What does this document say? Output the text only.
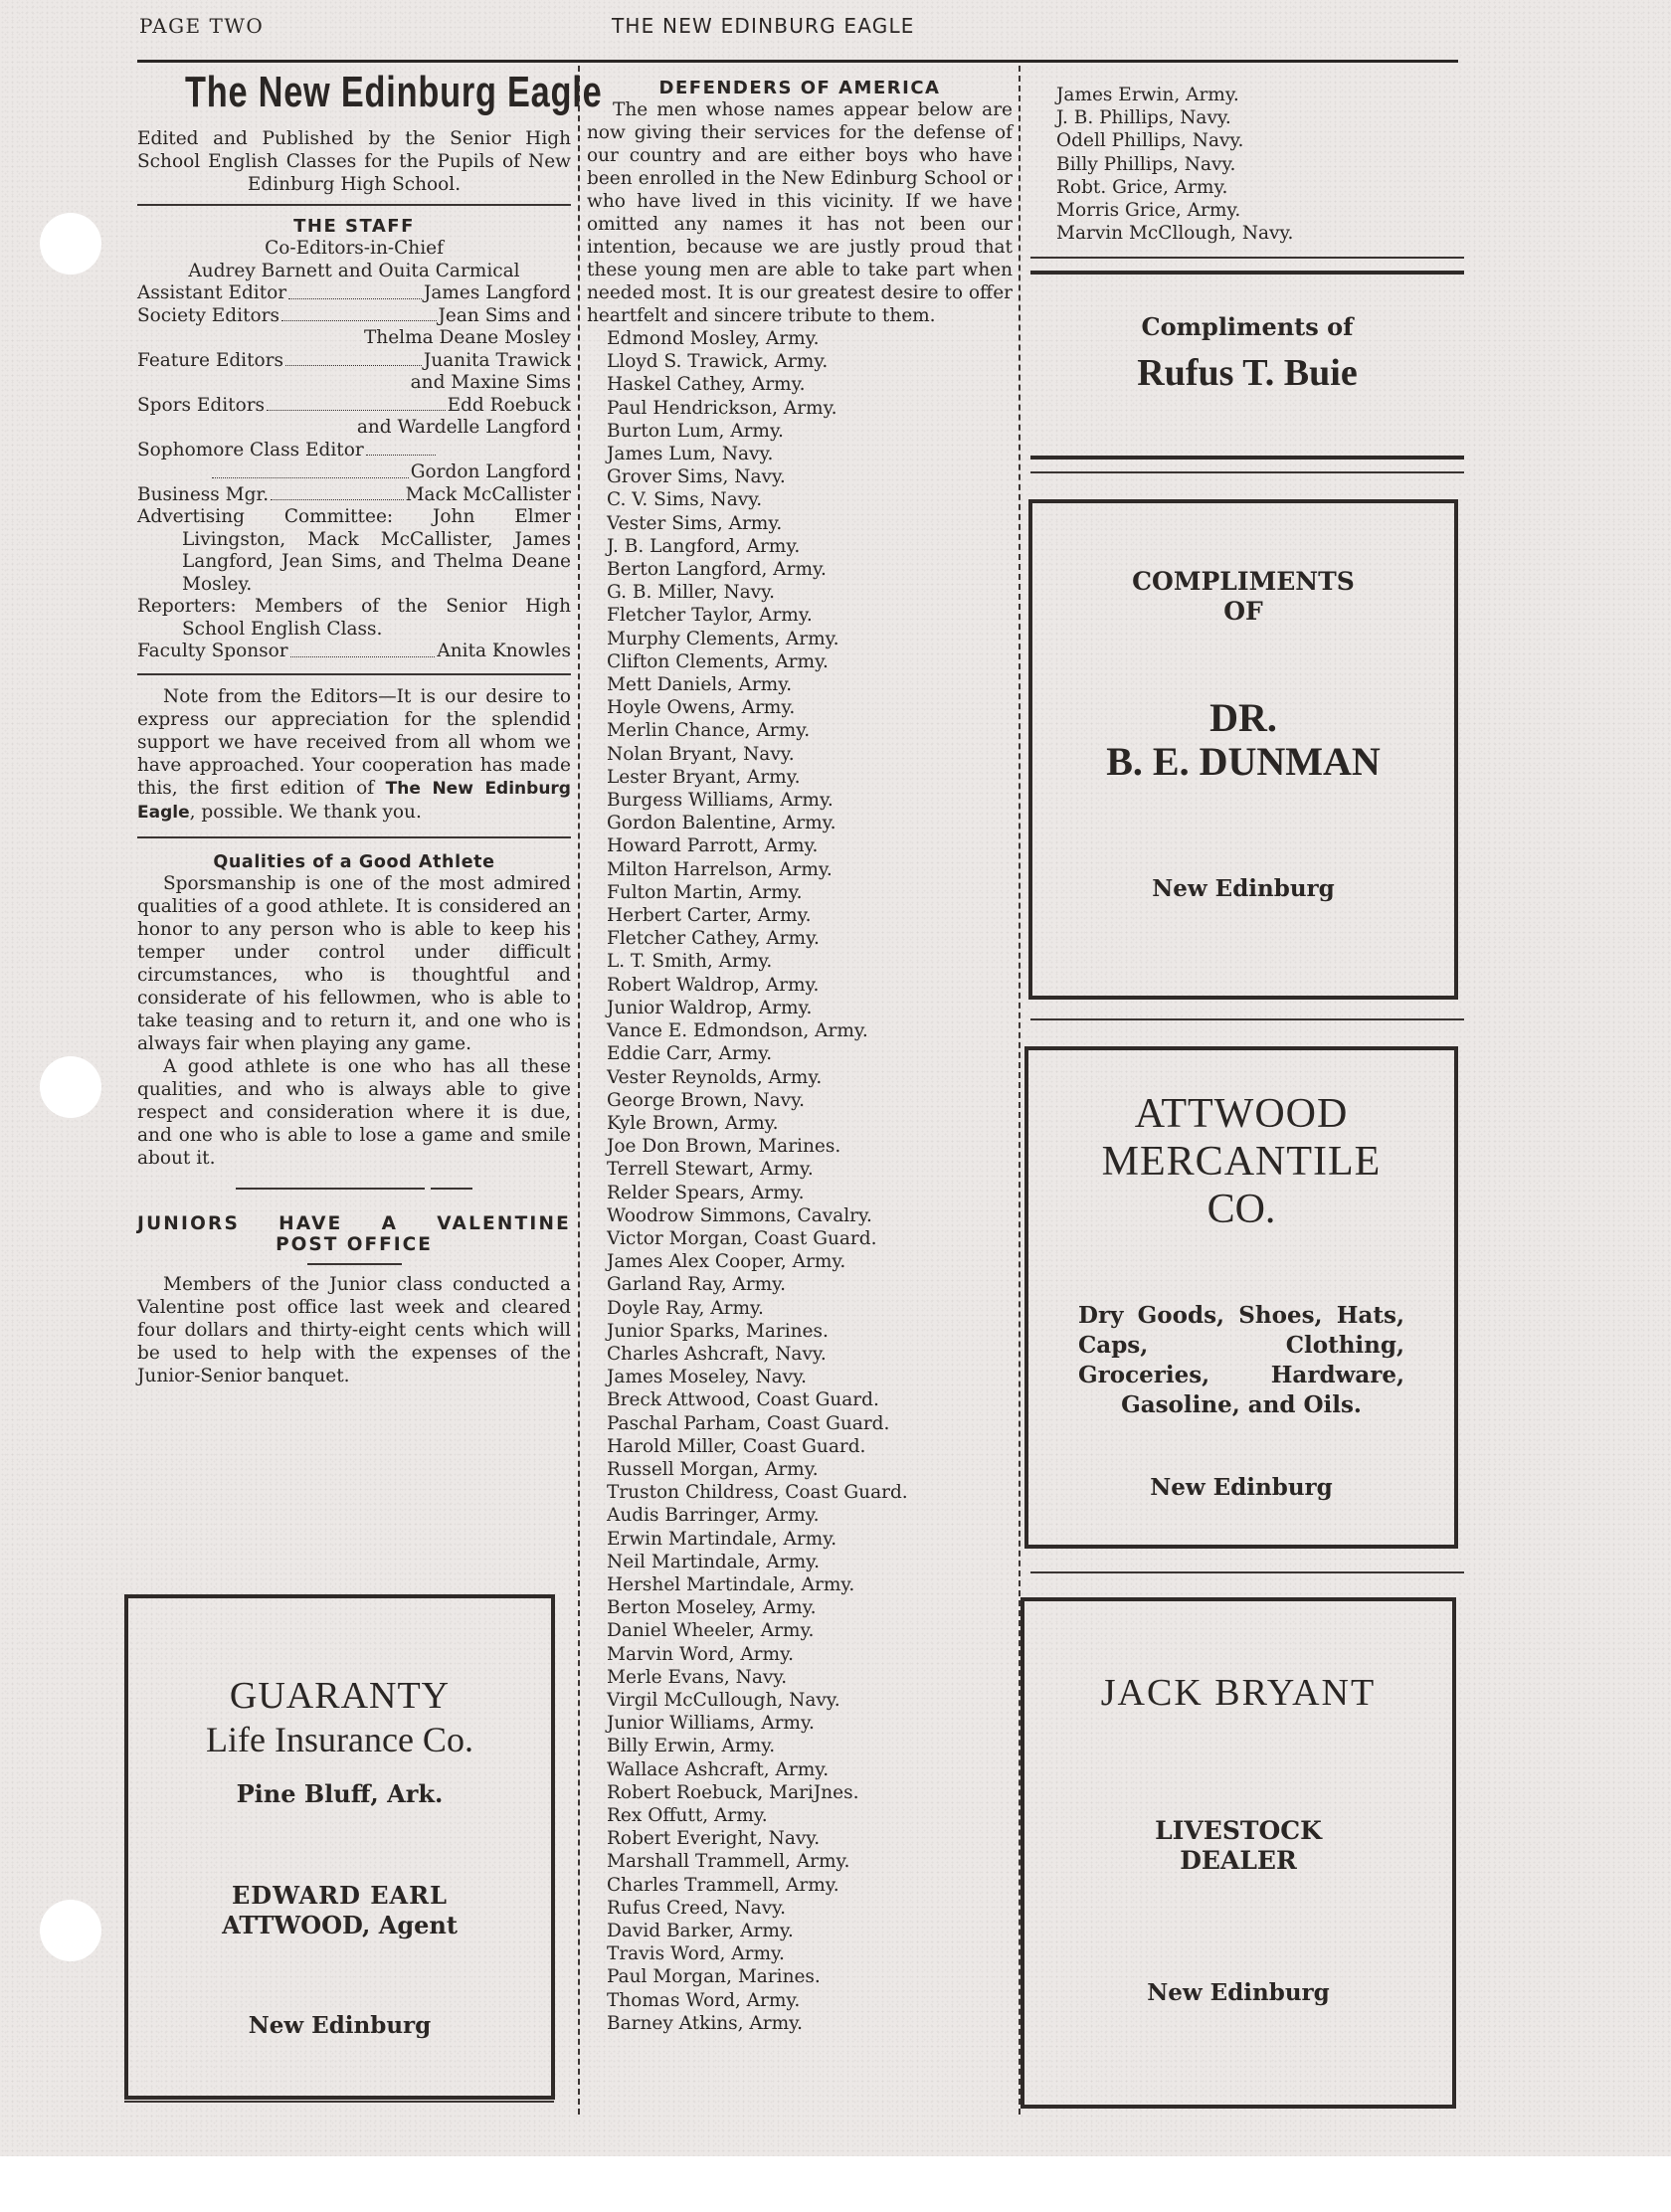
PAGE TWO	THE NEW EDINBURG EAGLE
The New Edinburg Eagle

Edited and Published by the Senior High School English Classes for the Pupils of New Edinburg High School.

THE STAFF
Co-Editors-in-Chief
Audrey Barnett and Ouita Carmical
Assistant Editor	James Langford
Society Editors	Jean Sims and
Thelma Deane Mosley
Feature Editors	Juanita Trawick
and Maxine Sims
Spors Editors	Edd Roebuck
and Wardelle Langford
Sophomore Class Editor
Gordon Langford
Business Mgr.	Mack McCallister
Advertising Committee: John Elmer Livingston, Mack McCallister, James Langford, Jean Sims, and Thelma Deane Mosley.
Reporters: Members of the Senior High School English Class.
Faculty Sponsor	Anita Knowles

Note from the Editors—It is our desire to express our appreciation for the splendid support we have received from all whom we have approached. Your cooperation has made this, the first edition of The New Edinburg Eagle, possible. We thank you.

Qualities of a Good Athlete

Sporsmanship is one of the most admired qualities of a good athlete. It is considered an honor to any person who is able to keep his temper under control under difficult circumstances, who is thoughtful and considerate of his fellowmen, who is able to take teasing and to return it, and one who is always fair when playing any game.

A good athlete is one who has all these qualities, and who is always able to give respect and consideration where it is due, and one who is able to lose a game and smile about it.

JUNIORS HAVE A VALENTINE
POST OFFICE

Members of the Junior class conducted a Valentine post office last week and cleared four dollars and thirty-eight cents which will be used to help with the expenses of the Junior-Senior banquet.

GUARANTY
Life Insurance Co.
Pine Bluff, Ark.
EDWARD EARL
ATTWOOD, Agent
New Edinburg
DEFENDERS OF AMERICA

The men whose names appear below are now giving their services for the defense of our country and are either boys who have been enrolled in the New Edinburg School or who have lived in this vicinity. If we have omitted any names it has not been our intention, because we are justly proud that these young men are able to take part when needed most. It is our greatest desire to offer heartfelt and sincere tribute to them.

Edmond Mosley, Army.
Lloyd S. Trawick, Army.
Haskel Cathey, Army.
Paul Hendrickson, Army.
Burton Lum, Army.
James Lum, Navy.
Grover Sims, Navy.
C. V. Sims, Navy.
Vester Sims, Army.
J. B. Langford, Army.
Berton Langford, Army.
G. B. Miller, Navy.
Fletcher Taylor, Army.
Murphy Clements, Army.
Clifton Clements, Army.
Mett Daniels, Army.
Hoyle Owens, Army.
Merlin Chance, Army.
Nolan Bryant, Navy.
Lester Bryant, Army.
Burgess Williams, Army.
Gordon Balentine, Army.
Howard Parrott, Army.
Milton Harrelson, Army.
Fulton Martin, Army.
Herbert Carter, Army.
Fletcher Cathey, Army.
L. T. Smith, Army.
Robert Waldrop, Army.
Junior Waldrop, Army.
Vance E. Edmondson, Army.
Eddie Carr, Army.
Vester Reynolds, Army.
George Brown, Navy.
Kyle Brown, Army.
Joe Don Brown, Marines.
Terrell Stewart, Army.
Relder Spears, Army.
Woodrow Simmons, Cavalry.
Victor Morgan, Coast Guard.
James Alex Cooper, Army.
Garland Ray, Army.
Doyle Ray, Army.
Junior Sparks, Marines.
Charles Ashcraft, Navy.
James Moseley, Navy.
Breck Attwood, Coast Guard.
Paschal Parham, Coast Guard.
Harold Miller, Coast Guard.
Russell Morgan, Army.
Truston Childress, Coast Guard.
Audis Barringer, Army.
Erwin Martindale, Army.
Neil Martindale, Army.
Hershel Martindale, Army.
Berton Moseley, Army.
Daniel Wheeler, Army.
Marvin Word, Army.
Merle Evans, Navy.
Virgil McCullough, Navy.
Junior Williams, Army.
Billy Erwin, Army.
Wallace Ashcraft, Army.
Robert Roebuck, MariJnes.
Rex Offutt, Army.
Robert Everight, Navy.
Marshall Trammell, Army.
Charles Trammell, Army.
Rufus Creed, Navy.
David Barker, Army.
Travis Word, Army.
Paul Morgan, Marines.
Thomas Word, Army.
Barney Atkins, Army.
James Erwin, Army.
J. B. Phillips, Navy.
Odell Phillips, Navy.
Billy Phillips, Navy.
Robt. Grice, Army.
Morris Grice, Army.
Marvin McCllough, Navy.
Compliments of
Rufus T. Buie
COMPLIMENTS
OF
DR.
B. E. DUNMAN
New Edinburg
ATTWOOD
MERCANTILE
CO.
Dry Goods, Shoes, Hats, Caps, Clothing, Groceries, Hardware, Gasoline, and Oils.
New Edinburg
JACK BRYANT
LIVESTOCK
DEALER
New Edinburg
